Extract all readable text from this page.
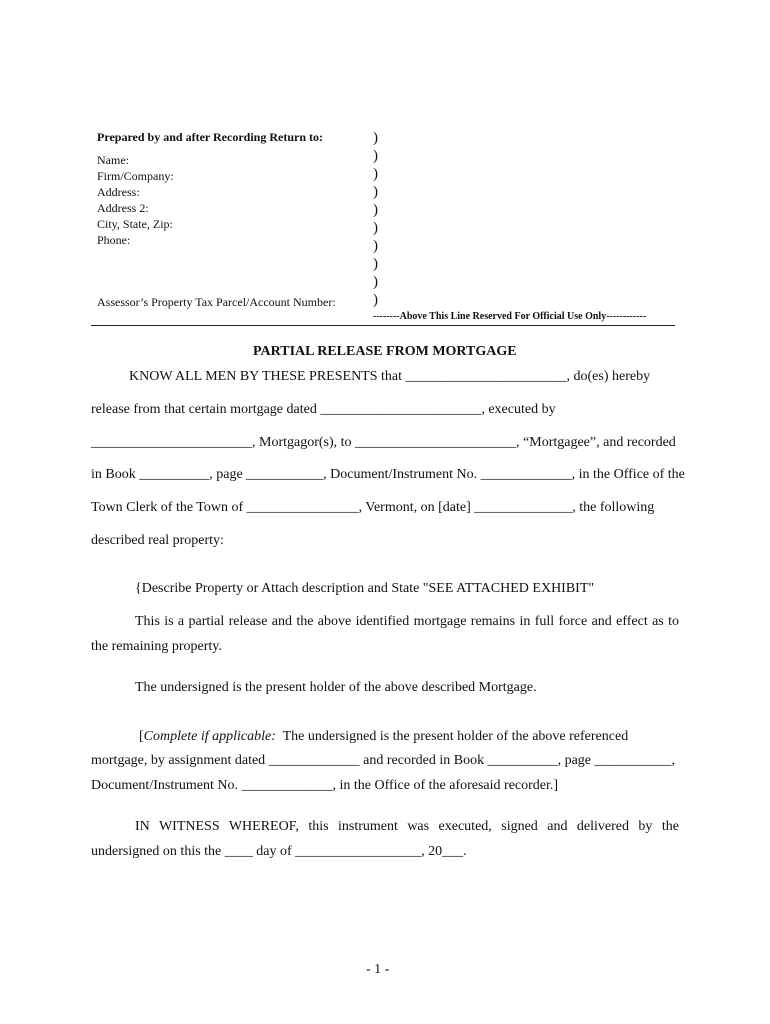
Prepared by and after Recording Return to:
Name:
Firm/Company:
Address:
Address 2:
City, State, Zip:
Phone:
Assessor’s Property Tax Parcel/Account Number:
)
)
)
)
)
)
)
)
)
)
--------Above This Line Reserved For Official Use Only------------
PARTIAL RELEASE FROM MORTGAGE
KNOW ALL MEN BY THESE PRESENTS that _______________________, do(es) hereby
release from that certain mortgage dated _______________________, executed by
_______________________, Mortgagor(s), to _______________________, “Mortgagee”, and recorded
in Book __________, page ___________, Document/Instrument No. _____________, in the Office of the
Town Clerk of the Town of ________________, Vermont, on [date] ______________, the following
described real property:
{Describe Property or Attach description and State "SEE ATTACHED EXHIBIT"
This is a partial release and the above identified mortgage remains in full force and effect as to
the remaining property.
The undersigned is the present holder of the above described Mortgage.
[Complete if applicable:  The undersigned is the present holder of the above referenced
mortgage, by assignment dated _____________ and recorded in Book __________, page ___________,
Document/Instrument No. _____________, in the Office of the aforesaid recorder.]
IN WITNESS WHEREOF, this instrument was executed, signed and delivered by the
undersigned on this the ____ day of __________________, 20___.
- 1 -
